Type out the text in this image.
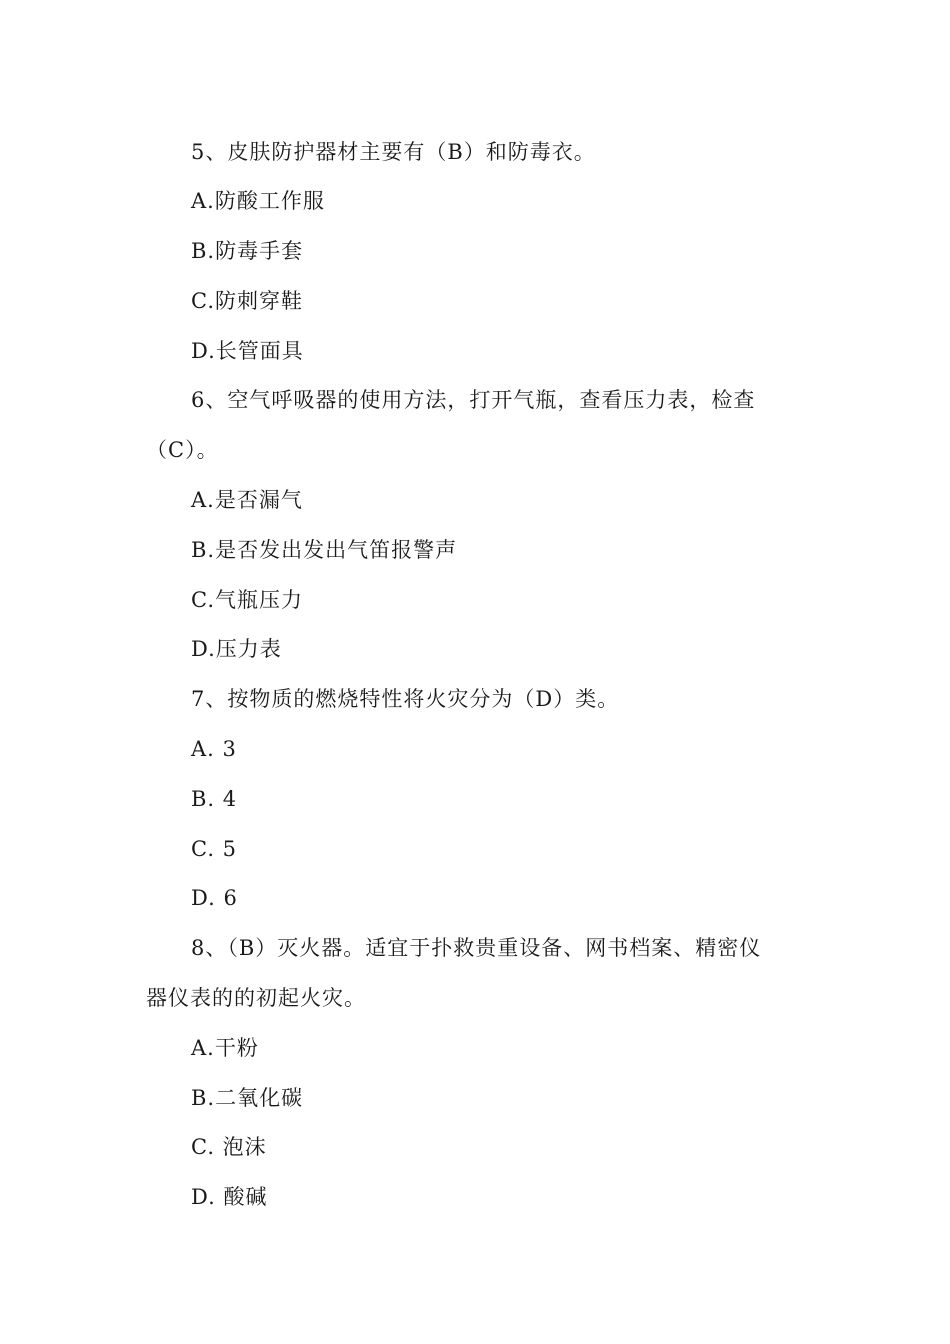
5、皮肤防护器材主要有（B）和防毒衣。
A.防酸工作服
B.防毒手套
C.防刺穿鞋
D.长管面具
6、空气呼吸器的使用方法，打开气瓶，查看压力表，检查
（C）。
A.是否漏气
B.是否发出发出气笛报警声
C.气瓶压力
D.压力表
7、按物质的燃烧特性将火灾分为（D）类。
A. 3
B. 4
C. 5
D. 6
8、（B）灭火器。适宜于扑救贵重设备、网书档案、精密仪
器仪表的的初起火灾。
A.干粉
B.二氧化碳
C. 泡沫
D. 酸碱
